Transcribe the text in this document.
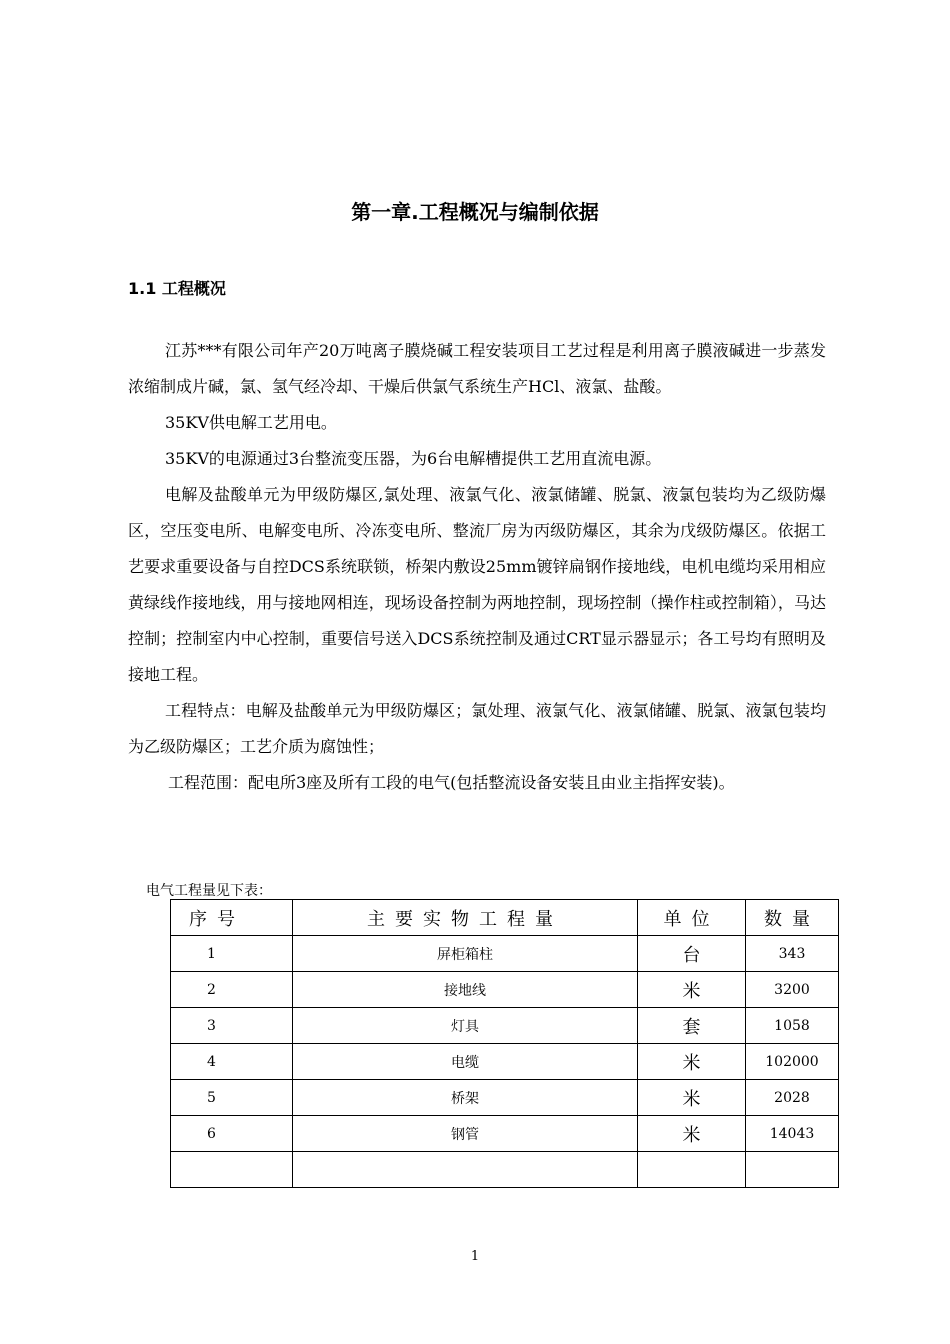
第一章.工程概况与编制依据
1.1 工程概况

江苏***有限公司年产20万吨离子膜烧碱工程安装项目工艺过程是利用离子膜液碱进一步蒸发浓缩制成片碱，氯、氢气经冷却、干燥后供氯气系统生产HCl、液氯、盐酸。

35KV供电解工艺用电。

35KV的电源通过3台整流变压器，为6台电解槽提供工艺用直流电源。

电解及盐酸单元为甲级防爆区,氯处理、液氯气化、液氯储罐、脱氯、液氯包装均为乙级防爆区，空压变电所、电解变电所、冷冻变电所、整流厂房为丙级防爆区，其余为戊级防爆区。依据工艺要求重要设备与自控DCS系统联锁，桥架内敷设25mm镀锌扁钢作接地线，电机电缆均采用相应黄绿线作接地线，用与接地网相连，现场设备控制为两地控制，现场控制（操作柱或控制箱），马达控制；控制室内中心控制，重要信号送入DCS系统控制及通过CRT显示器显示；各工号均有照明及接地工程。

工程特点：电解及盐酸单元为甲级防爆区；氯处理、液氯气化、液氯储罐、脱氯、液氯包装均为乙级防爆区；工艺介质为腐蚀性；

工程范围：配电所3座及所有工段的电气(包括整流设备安装且由业主指挥安装)。

电气工程量见下表：

序号	主要实物工程量	单位	数量
1	屏柜箱柱	台	343
2	接地线	米	3200
3	灯具	套	1058
4	电缆	米	102000
5	桥架	米	2028
6	钢管	米	14043

1
